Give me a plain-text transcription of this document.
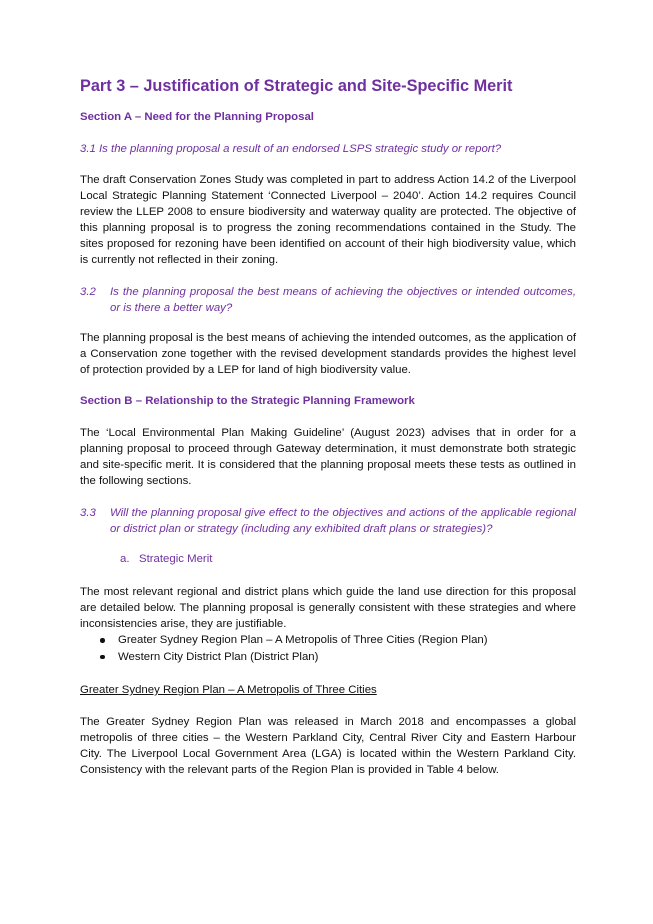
Part 3 – Justification of Strategic and Site-Specific Merit
Section A – Need for the Planning Proposal
3.1 Is the planning proposal a result of an endorsed LSPS strategic study or report?

The draft Conservation Zones Study was completed in part to address Action 14.2 of the Liverpool Local Strategic Planning Statement ‘Connected Liverpool – 2040’. Action 14.2 requires Council review the LLEP 2008 to ensure biodiversity and waterway quality are protected. The objective of this planning proposal is to progress the zoning recommendations contained in the Study. The sites proposed for rezoning have been identified on account of their high biodiversity value, which is currently not reflected in their zoning.

3.2	Is the planning proposal the best means of achieving the objectives or intended outcomes, or is there a better way?

The planning proposal is the best means of achieving the intended outcomes, as the application of a Conservation zone together with the revised development standards provides the highest level of protection provided by a LEP for land of high biodiversity value.

Section B – Relationship to the Strategic Planning Framework

The ‘Local Environmental Plan Making Guideline’ (August 2023) advises that in order for a planning proposal to proceed through Gateway determination, it must demonstrate both strategic and site-specific merit. It is considered that the planning proposal meets these tests as outlined in the following sections.

3.3	Will the planning proposal give effect to the objectives and actions of the applicable regional or district plan or strategy (including any exhibited draft plans or strategies)?
a.   Strategic Merit

The most relevant regional and district plans which guide the land use direction for this proposal are detailed below. The planning proposal is generally consistent with these strategies and where inconsistencies arise, they are justifiable.

Greater Sydney Region Plan – A Metropolis of Three Cities (Region Plan)
Western City District Plan (District Plan)
Greater Sydney Region Plan – A Metropolis of Three Cities

The Greater Sydney Region Plan was released in March 2018 and encompasses a global metropolis of three cities – the Western Parkland City, Central River City and Eastern Harbour City. The Liverpool Local Government Area (LGA) is located within the Western Parkland City. Consistency with the relevant parts of the Region Plan is provided in Table 4 below.
